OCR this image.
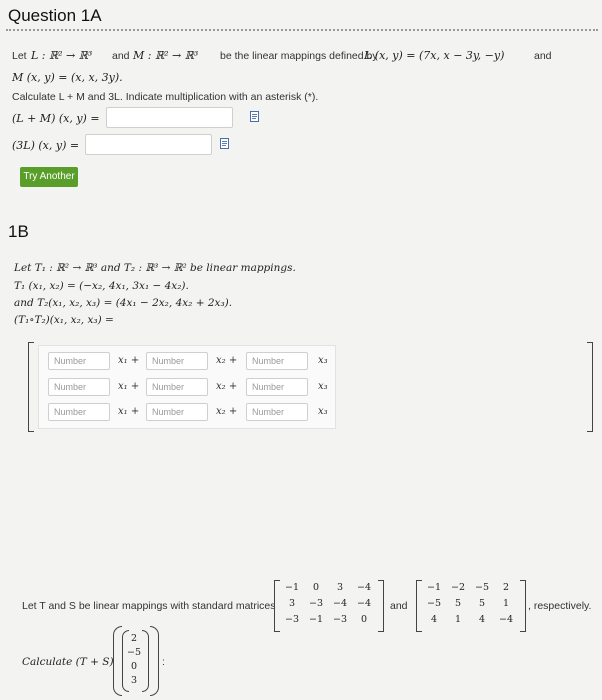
Question 1A
Let L : ℝ² → ℝ³ and M : ℝ² → ℝ³ be the linear mappings defined by
L (x, y) = (7x, x − 3y, −y)	and
M (x, y) = (x, x, 3y).
Calculate L + M and 3L. Indicate multiplication with an asterisk (*).
(L + M) (x, y) =
(3L) (x, y) =
Try Another
1B
Let T₁ : ℝ² → ℝ³ and T₂ : ℝ³ → ℝ² be linear mappings.
T₁ (x₁, x₂) = (−x₂, 4x₁, 3x₁ − 4x₂).
and T₂(x₁, x₂, x₃) = (4x₁ − 2x₂, 4x₂ + 2x₃).
(T₁∘T₂)(x₁, x₂, x₃) =
Number	x₁ +	Number	x₂ +	Number	x₃
Number	x₁ +	Number	x₂ +	Number	x₃
Number	x₁ +	Number	x₂ +	Number	x₃
Let T and S be linear mappings with standard matrices
−1	0	3	−4
3	−3	−4	−4
−3	−1	−3	0
and
−1	−2	−5	2
−5	5	5	1
4	1	4	−4
, respectively.
Calculate (T + S)
2
−5
0
3
:
